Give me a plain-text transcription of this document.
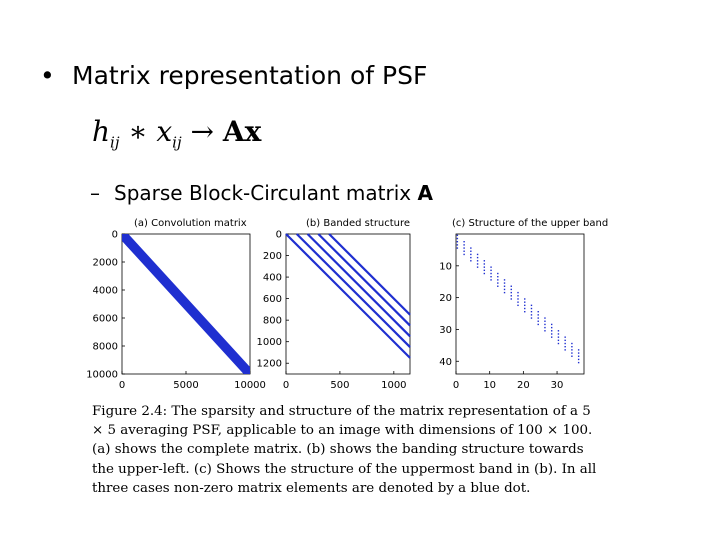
• Matrix representation of PSF
$h_{ij}$ ∗ $x_{ij} \to Ax$
– Sparse Block-Circulant matrix A
(a) Convolution matrix	(b) Banded structure	(c) Structure of the upper band
0	5000	10000
0
2000
4000
6000
8000
10000
0	500	1000
0
200
400
600
800
1000
1200
0 10 20 30
10
20
30
40
Figure 2.4: The sparsity and structure of the matrix representation of a 5 × 5 averaging PSF, applicable to an image with dimensions of 100 × 100. (a) shows the complete matrix. (b) shows the banding structure towards the upper-left. (c) Shows the structure of the uppermost band in (b). In all three cases non-zero matrix elements are denoted by a blue dot.
